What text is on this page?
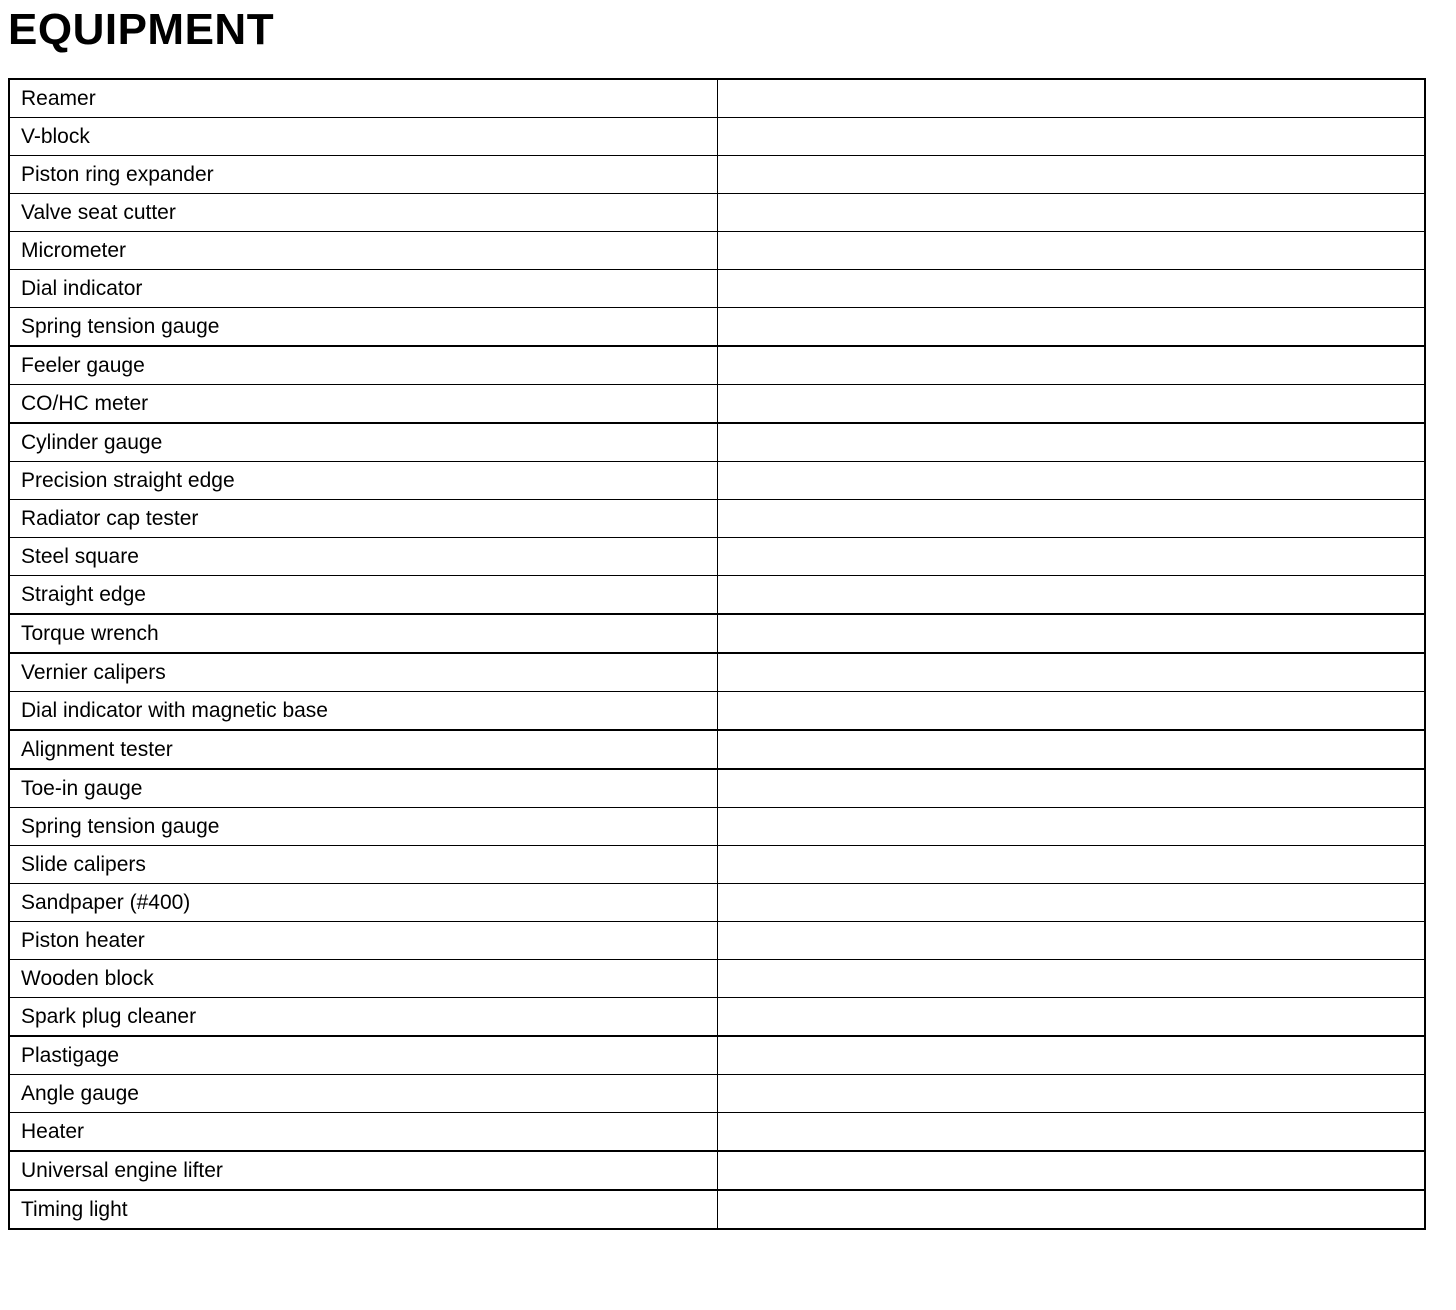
EQUIPMENT
Reamer	
V-block	
Piston ring expander	
Valve seat cutter	
Micrometer	
Dial indicator	
Spring tension gauge	
Feeler gauge	
CO/HC meter	
Cylinder gauge	
Precision straight edge	
Radiator cap tester	
Steel square	
Straight edge	
Torque wrench	
Vernier calipers	
Dial indicator with magnetic base	
Alignment tester	
Toe-in gauge	
Spring tension gauge	
Slide calipers	
Sandpaper (#400)	
Piston heater	
Wooden block	
Spark plug cleaner	
Plastigage	
Angle gauge	
Heater	
Universal engine lifter	
Timing light	
